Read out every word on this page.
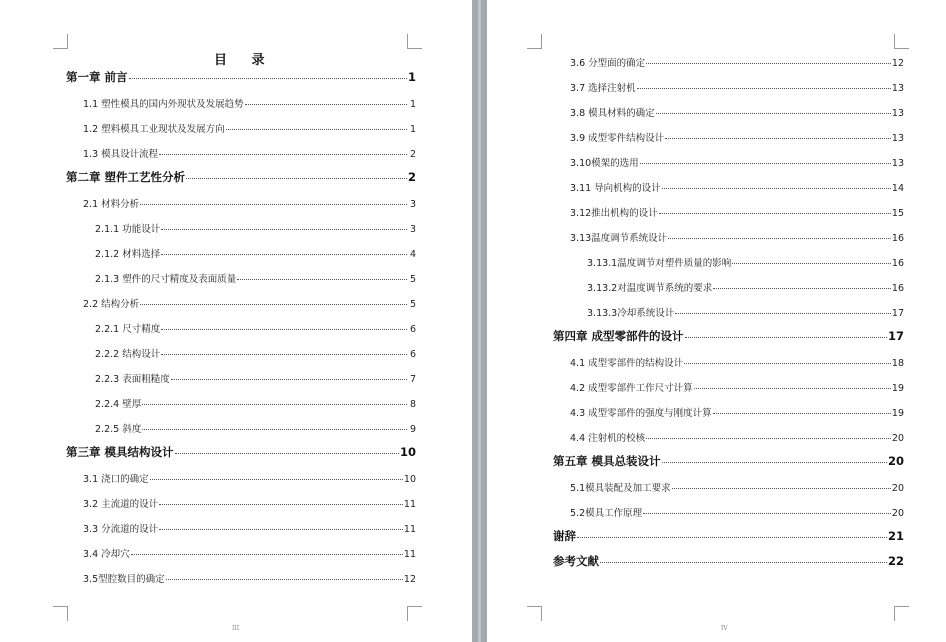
目 录
第一章 前言	1
1.1 塑性模具的国内外现状及发展趋势	1
1.2 塑料模具工业现状及发展方向	1
1.3 模具设计流程	2
第二章 塑件工艺性分析	2
2.1 材料分析	3
2.1.1 功能设计	3
2.1.2 材料选择	4
2.1.3 塑件的尺寸精度及表面质量	5
2.2 结构分析	5
2.2.1 尺寸精度	6
2.2.2 结构设计	6
2.2.3 表面粗糙度	7
2.2.4 壁厚	8
2.2.5 斜度	9
第三章 模具结构设计	10
3.1 浇口的确定	10
3.2 主流道的设计	11
3.3 分流道的设计	11
3.4 冷却穴	11
3.5型腔数目的确定	12
III
3.6 分型面的确定	12
3.7 选择注射机	13
3.8 模具材料的确定	13
3.9 成型零件结构设计	13
3.10模架的选用	13
3.11 导向机构的设计	14
3.12推出机构的设计	15
3.13温度调节系统设计	16
3.13.1温度调节对塑件质量的影响	16
3.13.2对温度调节系统的要求	16
3.13.3冷却系统设计	17
第四章 成型零部件的设计	17
4.1 成型零部件的结构设计	18
4.2 成型零部件工作尺寸计算	19
4.3 成型零部件的强度与刚度计算	19
4.4 注射机的校核	20
第五章 模具总装设计	20
5.1模具装配及加工要求	20
5.2模具工作原理	20
谢辞	21
参考文献	22
IV
